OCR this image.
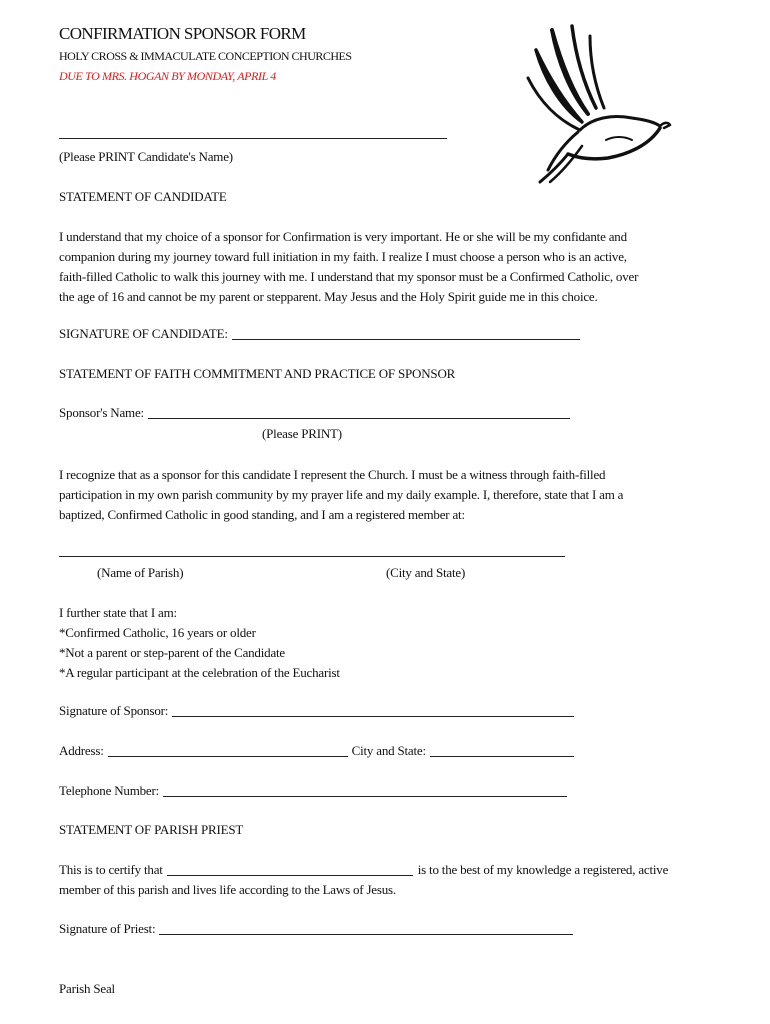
CONFIRMATION SPONSOR FORM
HOLY CROSS & IMMACULATE CONCEPTION CHURCHES
DUE TO MRS. HOGAN BY MONDAY, APRIL 4
(Please PRINT Candidate's Name)
STATEMENT OF CANDIDATE
I understand that my choice of a sponsor for Confirmation is very important. He or she will be my confidante and
companion during my journey toward full initiation in my faith. I realize I must choose a person who is an active,
faith-filled Catholic to walk this journey with me. I understand that my sponsor must be a Confirmed Catholic, over
the age of 16 and cannot be my parent or stepparent. May Jesus and the Holy Spirit guide me in this choice.
SIGNATURE OF CANDIDATE:
STATEMENT OF FAITH COMMITMENT AND PRACTICE OF SPONSOR
Sponsor's Name:
(Please PRINT)
I recognize that as a sponsor for this candidate I represent the Church. I must be a witness through faith-filled
participation in my own parish community by my prayer life and my daily example. I, therefore, state that I am a
baptized, Confirmed Catholic in good standing, and I am a registered member at:
(Name of Parish)	(City and State)
I further state that I am:
*Confirmed Catholic, 16 years or older
*Not a parent or step-parent of the Candidate
*A regular participant at the celebration of the Eucharist
Signature of Sponsor:
Address:	City and State:
Telephone Number:
STATEMENT OF PARISH PRIEST
This is to certify that	is to the best of my knowledge a registered, active
member of this parish and lives life according to the Laws of Jesus.
Signature of Priest:
Parish Seal
